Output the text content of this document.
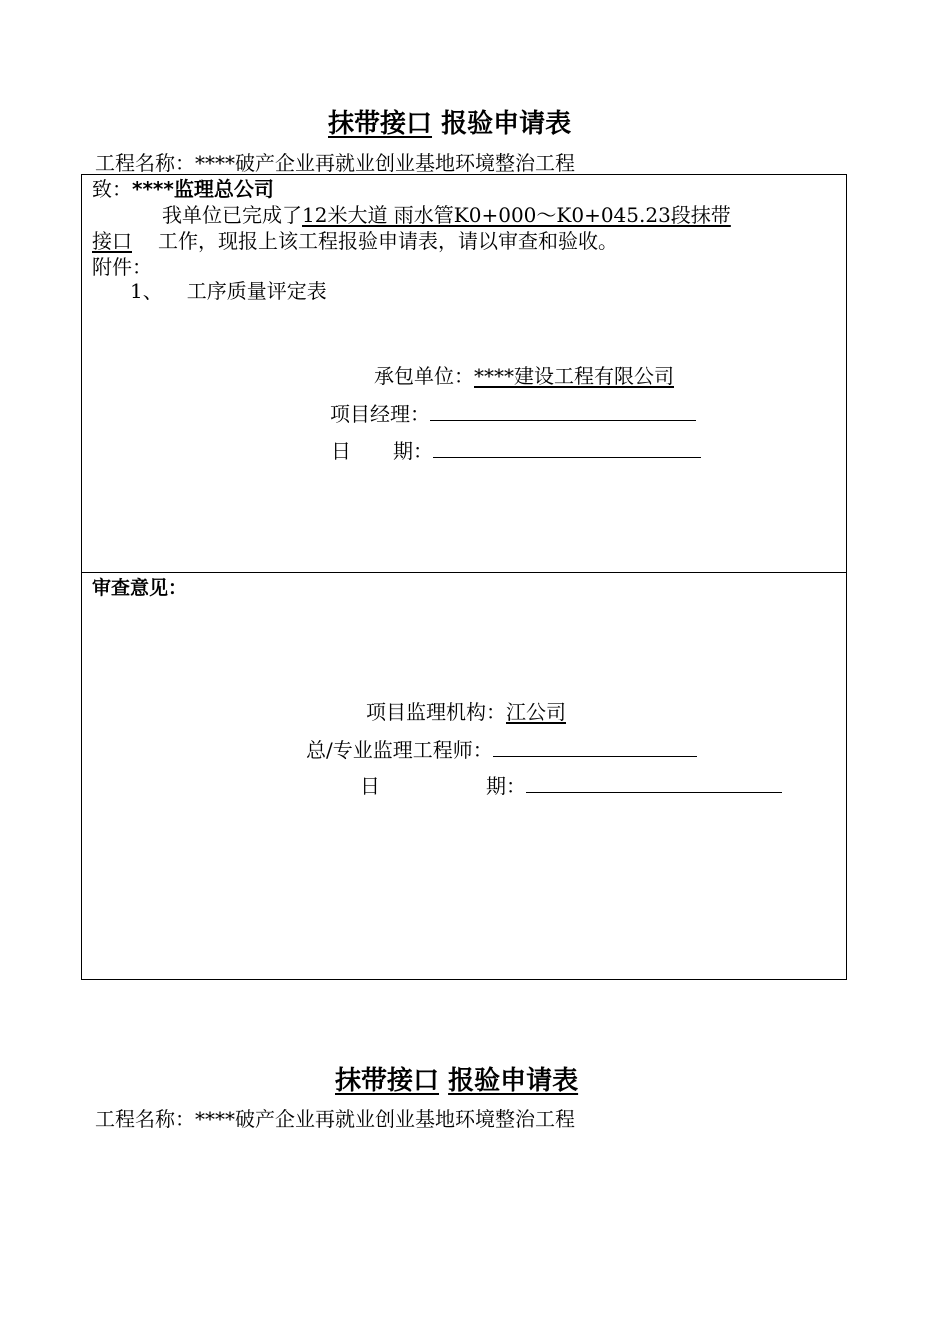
抹带接口 报验申请表
工程名称：****破产企业再就业创业基地环境整治工程
致：****监理总公司
我单位已完成了12米大道 雨水管K0+000～K0+045.23段抹带
接口 工作，现报上该工程报验申请表，请以审查和验收。
附件：
1、 工序质量评定表
承包单位：****建设工程有限公司
项目经理：
日 期：
审查意见：
项目监理机构：江公司
总/专业监理工程师：
日	期：
抹带接口 报验申请表
工程名称：****破产企业再就业创业基地环境整治工程
